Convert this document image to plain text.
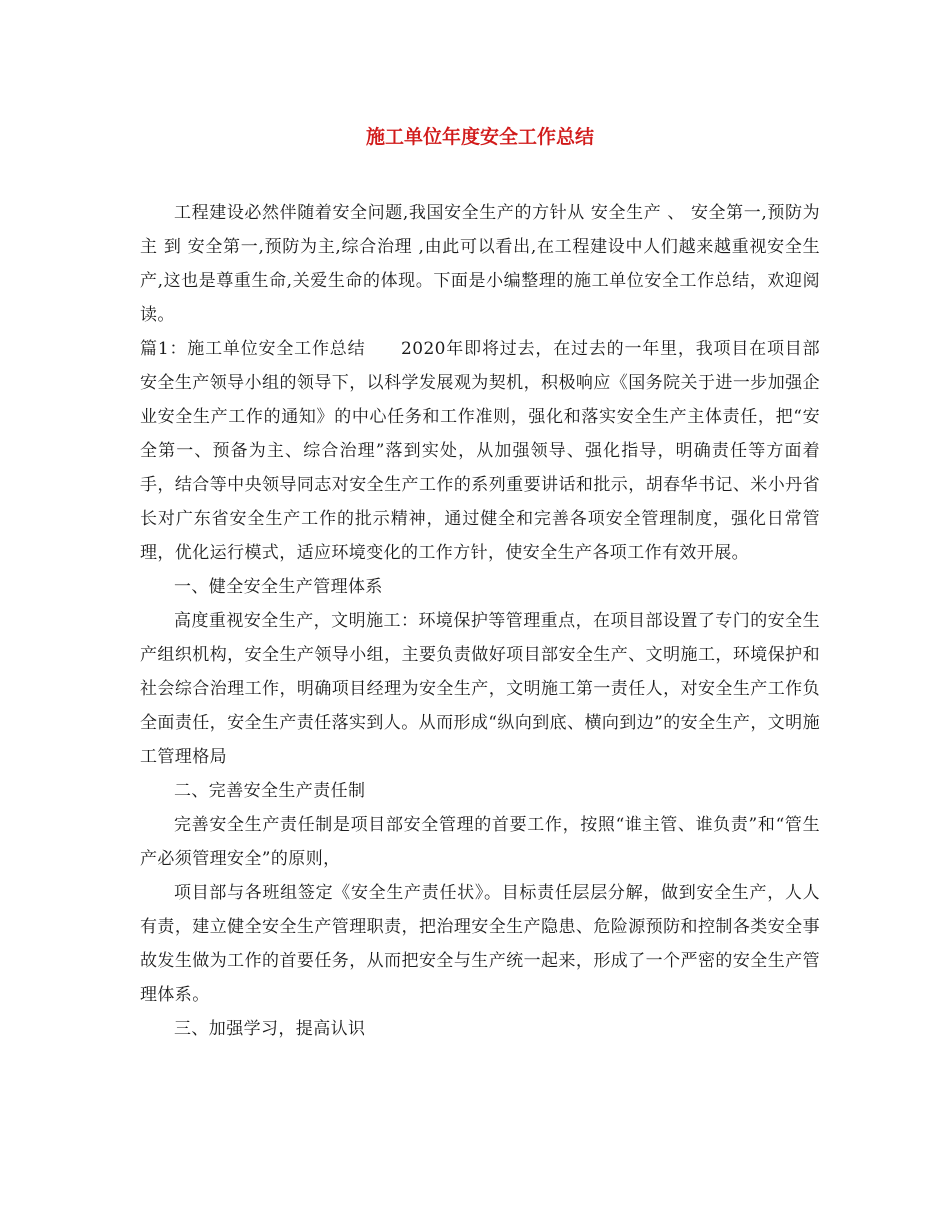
施工单位年度安全工作总结

工程建设必然伴随着安全问题,我国安全生产的方针从 安全生产 、 安全第一,预防为主 到 安全第一,预防为主,综合治理 ,由此可以看出,在工程建设中人们越来越重视安全生产,这也是尊重生命,关爱生命的体现。下面是小编整理的施工单位安全工作总结，欢迎阅读。

篇1：施工单位安全工作总结　　2020年即将过去，在过去的一年里，我项目在项目部安全生产领导小组的领导下，以科学发展观为契机，积极响应《国务院关于进一步加强企业安全生产工作的通知》的中心任务和工作准则，强化和落实安全生产主体责任，把“安全第一、预备为主、综合治理”落到实处，从加强领导、强化指导，明确责任等方面着手，结合等中央领导同志对安全生产工作的系列重要讲话和批示，胡春华书记、米小丹省长对广东省安全生产工作的批示精神，通过健全和完善各项安全管理制度，强化日常管理，优化运行模式，适应环境变化的工作方针，使安全生产各项工作有效开展。

一、健全安全生产管理体系

高度重视安全生产，文明施工：环境保护等管理重点，在项目部设置了专门的安全生产组织机构，安全生产领导小组，主要负责做好项目部安全生产、文明施工，环境保护和社会综合治理工作，明确项目经理为安全生产，文明施工第一责任人，对安全生产工作负全面责任，安全生产责任落实到人。从而形成“纵向到底、横向到边”的安全生产，文明施工管理格局

二、完善安全生产责任制

完善安全生产责任制是项目部安全管理的首要工作，按照“谁主管、谁负责”和“管生产必须管理安全”的原则，

项目部与各班组签定《安全生产责任状》。目标责任层层分解，做到安全生产，人人有责，建立健全安全生产管理职责，把治理安全生产隐患、危险源预防和控制各类安全事故发生做为工作的首要任务，从而把安全与生产统一起来，形成了一个严密的安全生产管理体系。

三、加强学习，提高认识
